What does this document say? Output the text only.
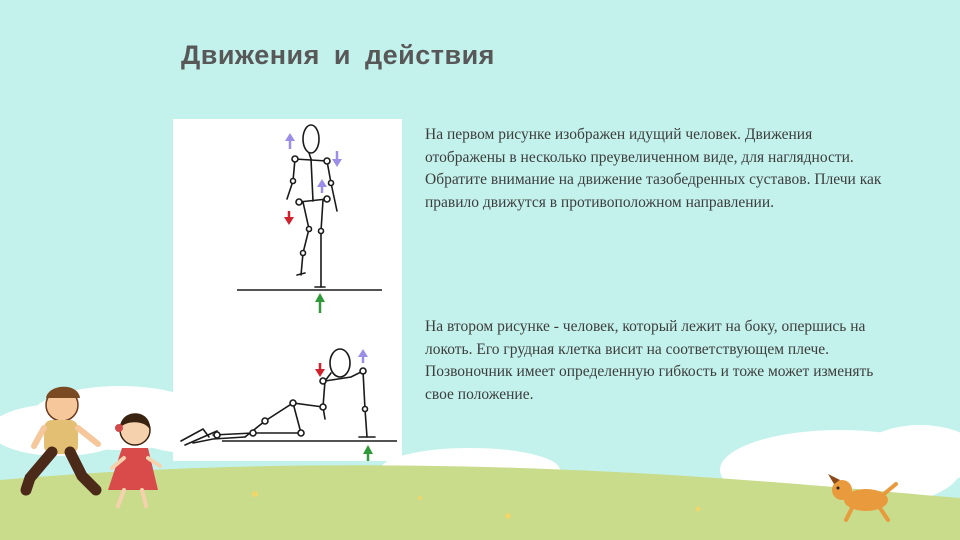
Движения и действия

На первом рисунке изображен идущий человек. Движения отображены в несколько преувеличенном виде, для наглядности. Обратите внимание на движение тазобедренных суставов. Плечи как правило движутся в противоположном направлении.

На втором рисунке - человек, который лежит на боку, опершись на локоть. Его грудная клетка висит на соответствующем плече. Позвоночник имеет определенную гибкость и тоже может изменять свое положение.
